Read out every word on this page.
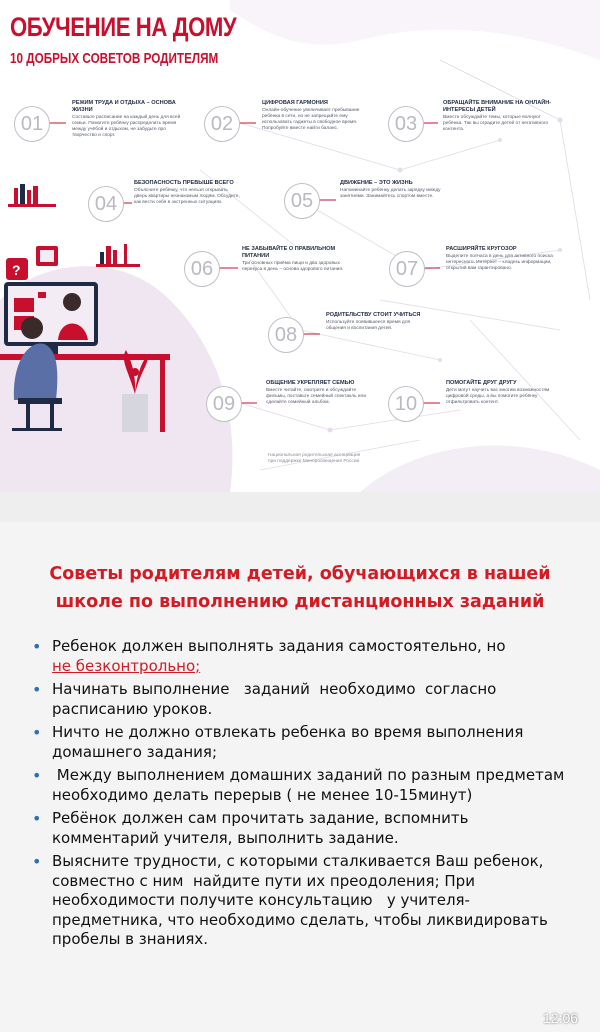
?
ОБУЧЕНИЕ НА ДОМУ
10 ДОБРЫХ СОВЕТОВ РОДИТЕЛЯМ
01	02	03
04	05
06	07
08
09	10
РЕЖИМ ТРУДА И ОТДЫХА – ОСНОВА ЖИЗНИ
Составьте расписание на каждый день для всей семьи. Помогите ребёнку распределить время между учёбой и отдыхом, не забудьте про творчество и спорт.
ЦИФРОВАЯ ГАРМОНИЯ
Онлайн-обучение увеличивает пребывание ребёнка в сети, но не запрещайте ему использовать гаджеты в свободное время. Попробуйте вместе найти баланс.
ОБРАЩАЙТЕ ВНИМАНИЕ НА ОНЛАЙН-ИНТЕРЕСЫ ДЕТЕЙ
Вместе обсуждайте темы, которые волнуют ребёнка. Так вы оградите детей от негативного контента.
БЕЗОПАСНОСТЬ ПРЕВЫШЕ ВСЕГО
Объясните ребёнку, что нельзя открывать дверь квартиры незнакомым людям. Обсудите, как вести себя в экстренных ситуациях.
ДВИЖЕНИЕ – ЭТО ЖИЗНЬ
Напоминайте ребёнку делать зарядку между занятиями. Занимайтесь спортом вместе.
НЕ ЗАБЫВАЙТЕ О ПРАВИЛЬНОМ ПИТАНИИ
Три основных приёма пищи и два здоровых перекуса в день – основа здорового питания.
РАСШИРЯЙТЕ КРУГОЗОР
Выделите полчаса в день для активного поиска интересного. Интернет – кладезь информации, открытий вам гарантировано.
РОДИТЕЛЬСТВУ СТОИТ УЧИТЬСЯ
Используйте появившееся время для общения и воспитания детей.
ОБЩЕНИЕ УКРЕПЛЯЕТ СЕМЬЮ
Вместе читайте, смотрите и обсуждайте фильмы, поставьте семейный спектакль или сделайте семейный альбом.
ПОМОГАЙТЕ ДРУГ ДРУГУ
Дети могут научить вас многим возможностям цифровой среды, а вы помогите ребёнку отфильтровать контент.
Национальная родительская ассоциация
при поддержке Минпросвещения России
Советы родителям детей, обучающихся в нашей
школе по выполнению дистанционных заданий
• Ребенок должен выполнять задания самостоятельно, но
не безконтрольно;
• Начинать выполнение   заданий  необходимо  согласно расписанию уроков.
• Ничто не должно отвлекать ребенка во время выполнения домашнего задания;
• Между выполнением домашних заданий по разным предметам необходимо делать перерыв ( не менее 10-15минут)
• Ребёнок должен сам прочитать задание, вспомнить комментарий учителя, выполнить задание.
• Выясните трудности, с которыми сталкивается Ваш ребенок, совместно с ним  найдите пути их преодоления; При необходимости получите консультацию   у учителя-предметника, что необходимо сделать, чтобы ликвидировать  пробелы в знаниях.
12:06
